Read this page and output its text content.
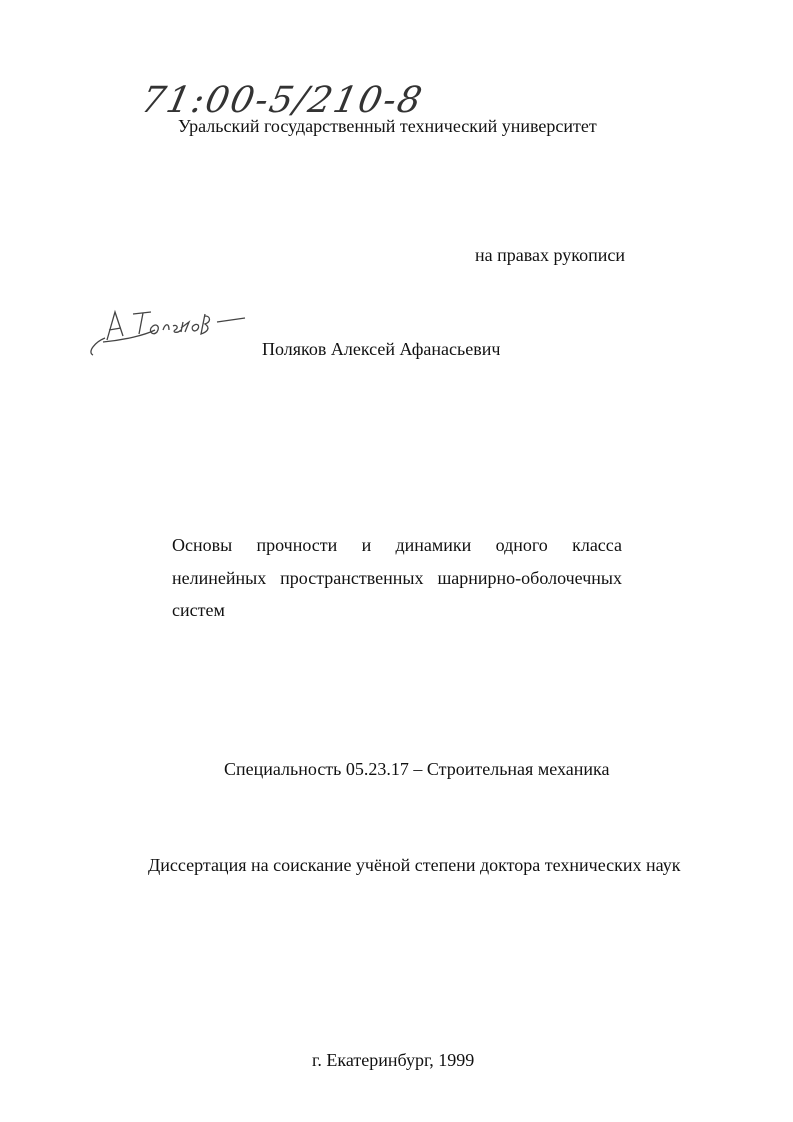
71:00-5/210-8
Уральский государственный технический университет
на правах рукописи
Поляков Алексей Афанасьевич
Основы прочности и динамики одного класса
нелинейных пространственных шарнирно-оболочечных
систем
Специальность 05.23.17 – Строительная механика
Диссертация на соискание учёной степени доктора технических наук
г. Екатеринбург, 1999
